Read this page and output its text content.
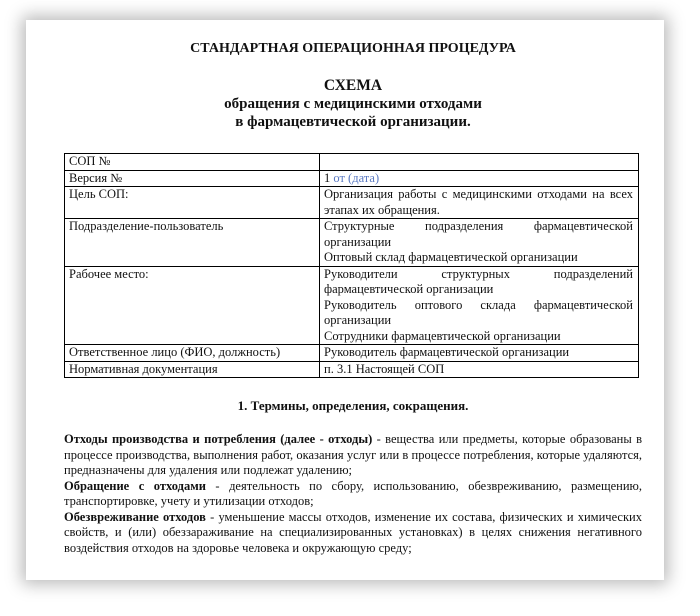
СТАНДАРТНАЯ ОПЕРАЦИОННАЯ ПРОЦЕДУРА
СХЕМА
обращения с медицинскими отходами
в фармацевтической организации.
СОП №	
Версия №	1 от (дата)
Цель СОП:	Организация работы с медицинскими отходами на всех этапах их обращения.
Подразделение-пользователь	Структурные подразделения фармацевтической организации
Оптовый склад фармацевтической организации

Рабочее место:	Руководители структурных подразделений фармацевтической организации
Руководитель оптового склада фармацевтической организации
Сотрудники фармацевтической организации

Ответственное лицо (ФИО, должность)	Руководитель фармацевтической организации
Нормативная документация	п. 3.1 Настоящей СОП
1. Термины, определения, сокращения.

Отходы производства и потребления (далее - отходы) - вещества или предметы, которые образованы в процессе производства, выполнения работ, оказания услуг или в процессе потребления, которые удаляются, предназначены для удаления или подлежат удалению;

Обращение с отходами - деятельность по сбору, использованию, обезвреживанию, размещению, транспортировке, учету и утилизации отходов;

Обезвреживание отходов - уменьшение массы отходов, изменение их состава, физических и химических свойств, и (или) обеззараживание на специализированных установках) в целях снижения негативного воздействия отходов на здоровье человека и окружающую среду;
